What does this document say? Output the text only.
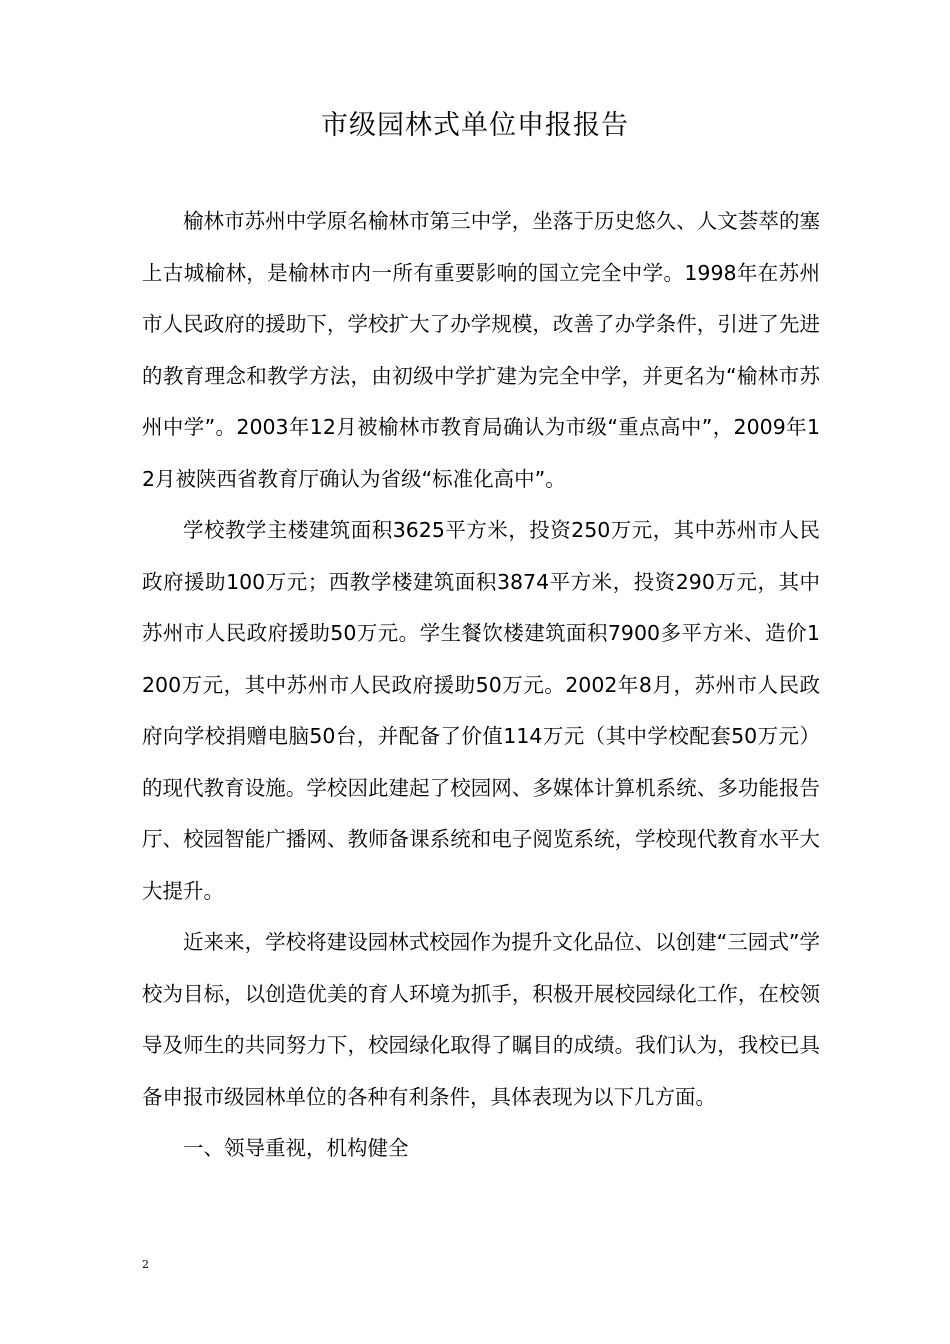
市级园林式单位申报报告

榆林市苏州中学原名榆林市第三中学，坐落于历史悠久、人文荟萃的塞上古城榆林，是榆林市内一所有重要影响的国立完全中学。1998年在苏州市人民政府的援助下，学校扩大了办学规模，改善了办学条件，引进了先进的教育理念和教学方法，由初级中学扩建为完全中学，并更名为“榆林市苏州中学”。2003年12月被榆林市教育局确认为市级“重点高中”，2009年12月被陕西省教育厅确认为省级“标准化高中”。

学校教学主楼建筑面积3625平方米，投资250万元，其中苏州市人民政府援助100万元；西教学楼建筑面积3874平方米，投资290万元，其中苏州市人民政府援助50万元。学生餐饮楼建筑面积7900多平方米、造价1200万元，其中苏州市人民政府援助50万元。2002年8月，苏州市人民政府向学校捐赠电脑50台，并配备了价值114万元（其中学校配套50万元）的现代教育设施。学校因此建起了校园网、多媒体计算机系统、多功能报告厅、校园智能广播网、教师备课系统和电子阅览系统，学校现代教育水平大大提升。

近来来，学校将建设园林式校园作为提升文化品位、以创建“三园式”学校为目标，以创造优美的育人环境为抓手，积极开展校园绿化工作，在校领导及师生的共同努力下，校园绿化取得了瞩目的成绩。我们认为，我校已具备申报市级园林单位的各种有利条件，具体表现为以下几方面。

一、领导重视，机构健全

2
